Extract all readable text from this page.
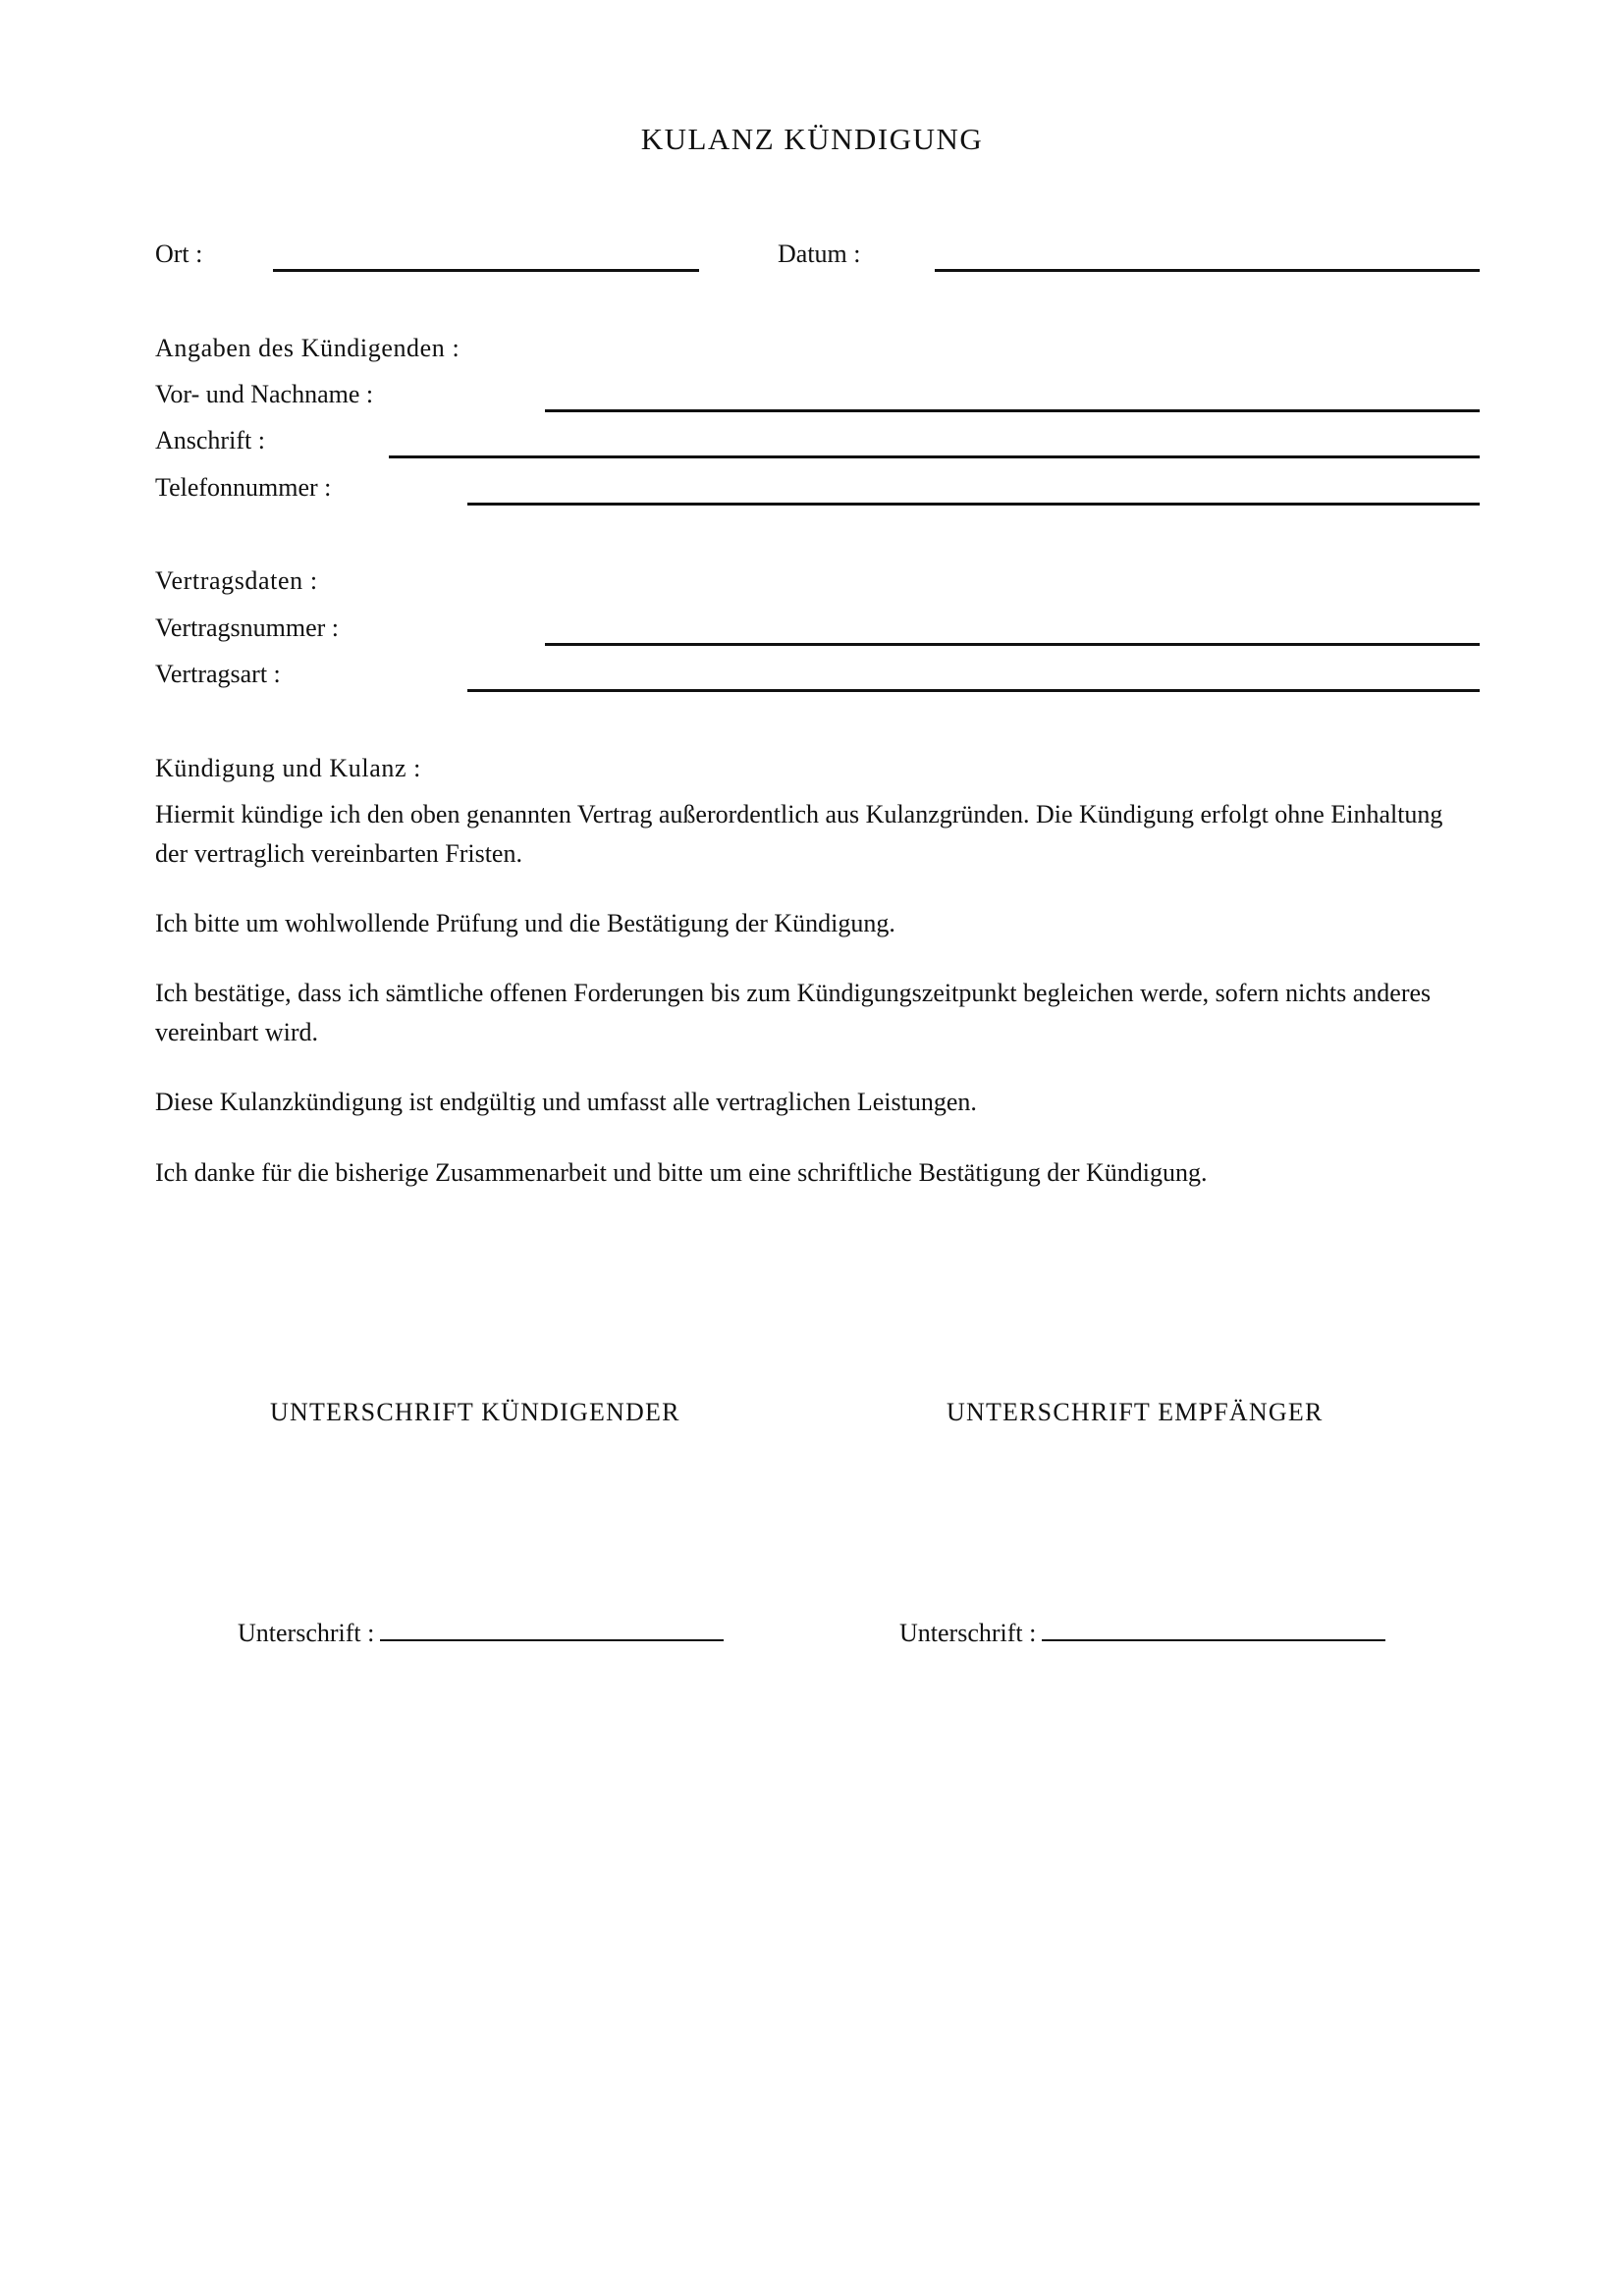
KULANZ KÜNDIGUNG
Ort :	Datum :
Angaben des Kündigenden :
Vor- und Nachname :
Anschrift :
Telefonnummer :
Vertragsdaten :
Vertragsnummer :
Vertragsart :
Kündigung und Kulanz :
Hiermit kündige ich den oben genannten Vertrag außerordentlich aus Kulanzgründen. Die Kündigung erfolgt ohne Einhaltung der vertraglich vereinbarten Fristen.
Ich bitte um wohlwollende Prüfung und die Bestätigung der Kündigung.
Ich bestätige, dass ich sämtliche offenen Forderungen bis zum Kündigungszeitpunkt begleichen werde, sofern nichts anderes vereinbart wird.
Diese Kulanzkündigung ist endgültig und umfasst alle vertraglichen Leistungen.
Ich danke für die bisherige Zusammenarbeit und bitte um eine schriftliche Bestätigung der Kündigung.
UNTERSCHRIFT KÜNDIGENDER	UNTERSCHRIFT EMPFÄNGER
Unterschrift :	Unterschrift :
